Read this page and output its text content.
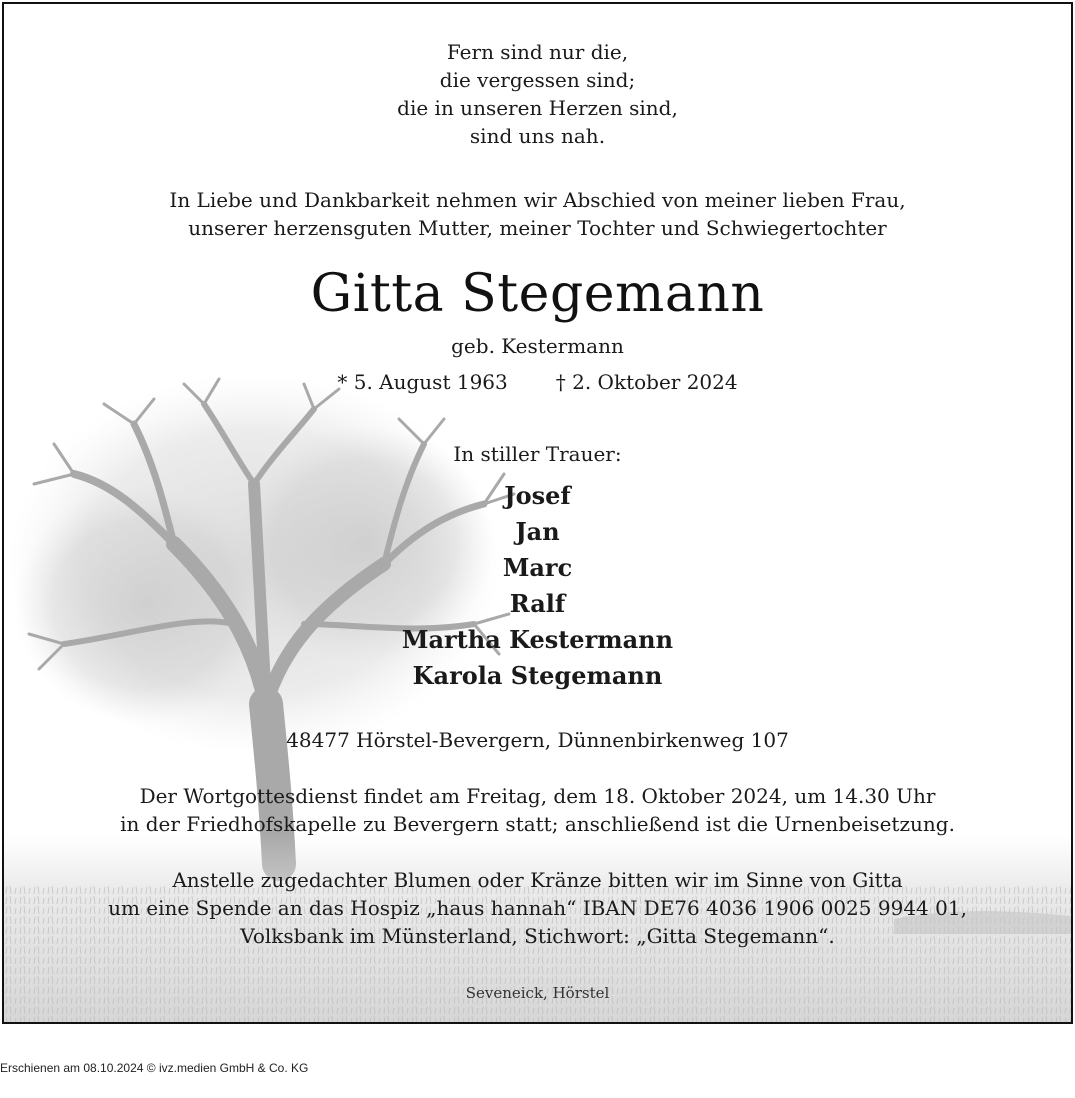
Fern sind nur die,
die vergessen sind;
die in unseren Herzen sind,
sind uns nah.
In Liebe und Dankbarkeit nehmen wir Abschied von meiner lieben Frau,
unserer herzensguten Mutter, meiner Tochter und Schwiegertochter
Gitta Stegemann
geb. Kestermann
* 5. August 1963 † 2. Oktober 2024
In stiller Trauer:
Josef
Jan
Marc
Ralf
Martha Kestermann
Karola Stegemann
48477 Hörstel-Bevergern, Dünnenbirkenweg 107
Der Wortgottesdienst findet am Freitag, dem 18. Oktober 2024, um 14.30 Uhr
in der Friedhofskapelle zu Bevergern statt; anschließend ist die Urnenbeisetzung.
Anstelle zugedachter Blumen oder Kränze bitten wir im Sinne von Gitta
um eine Spende an das Hospiz „haus hannah“ IBAN DE76 4036 1906 0025 9944 01,
Volksbank im Münsterland, Stichwort: „Gitta Stegemann“.
Seveneick, Hörstel
Erschienen am 08.10.2024 © ivz.medien GmbH & Co. KG
